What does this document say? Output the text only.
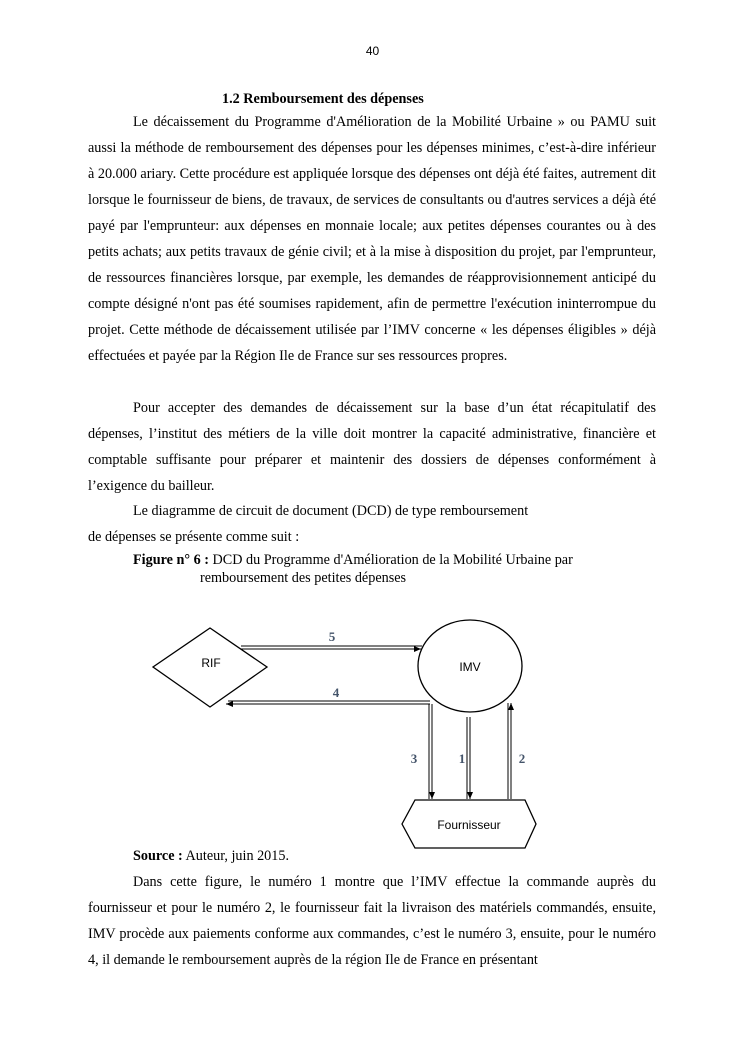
40
1.2 Remboursement des dépenses

Le décaissement du Programme d'Amélioration de la Mobilité Urbaine » ou PAMU suit aussi la méthode de remboursement des dépenses pour les dépenses minimes, c’est-à-dire inférieur à 20.000 ariary. Cette procédure est appliquée lorsque des dépenses ont déjà été faites, autrement dit lorsque le fournisseur de biens, de travaux, de services de consultants ou d'autres services a déjà été payé par l'emprunteur: aux dépenses en monnaie locale; aux petites dépenses courantes ou à des petits achats; aux petits travaux de génie civil; et à la mise à disposition du projet, par l'emprunteur, de ressources financières lorsque, par exemple, les demandes de réapprovisionnement anticipé du compte désigné n'ont pas été soumises rapidement, afin de permettre l'exécution ininterrompue du projet. Cette méthode de décaissement utilisée par l’IMV concerne « les dépenses éligibles » déjà effectuées et payée par la Région Ile de France sur ses ressources propres.

Pour accepter des demandes de décaissement sur la base d’un état récapitulatif des dépenses, l’institut des métiers de la ville doit montrer la capacité administrative, financière et comptable suffisante pour préparer et maintenir des dossiers de dépenses conformément à l’exigence du bailleur.

Le diagramme de circuit de document (DCD) de type remboursement

de dépenses se présente comme suit :

Figure n° 6 : DCD du Programme d'Amélioration de la Mobilité Urbaine par
remboursement des petites dépenses
RIF	IMV
Fournisseur
5
4
3	1	2
Source : Auteur, juin 2015.

Dans cette figure, le numéro 1 montre que l’IMV effectue la commande auprès du fournisseur et pour le numéro 2, le fournisseur fait la livraison des matériels commandés, ensuite, IMV procède aux paiements conforme aux commandes, c’est le numéro 3, ensuite, pour le numéro 4, il demande le remboursement auprès de la région Ile de France en présentant
